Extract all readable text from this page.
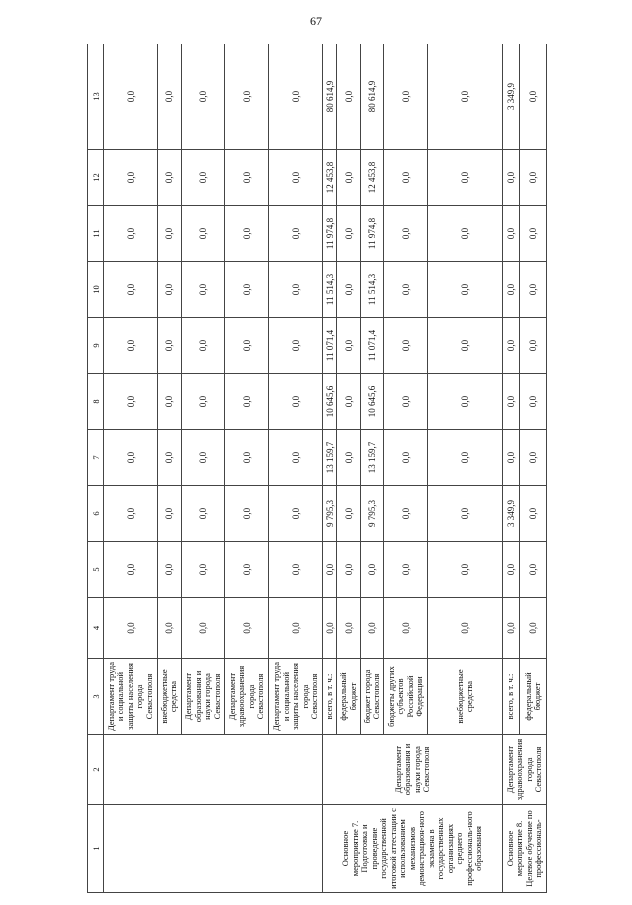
67
1	2	3	4	5	6	7	8	9	10	11	12	13
		Департамент труда и социальной защиты населения города Севастополя	0,0	0,0	0,0	0,0	0,0	0,0	0,0	0,0	0,0	0,0
		внебюджетные средства	0,0	0,0	0,0	0,0	0,0	0,0	0,0	0,0	0,0	0,0
		Департамент образования и науки города Севастополя	0,0	0,0	0,0	0,0	0,0	0,0	0,0	0,0	0,0	0,0
		Департамент здравоохранения города Севастополя	0,0	0,0	0,0	0,0	0,0	0,0	0,0	0,0	0,0	0,0
		Департамент труда и социальной защиты населения города Севастополя	0,0	0,0	0,0	0,0	0,0	0,0	0,0	0,0	0,0	0,0
Основное мероприятие 7. Подготовка и проведение государственной итоговой аттестации с использованием механизмов демонстрацион-ного экзамена в государственных организациях среднего профессиональ-ного образования	Департамент образования и науки города Севастополя	всего, в т. ч.:	0,0	0,0	9 795,3	13 159,7	10 645,6	11 071,4	11 514,3	11 974,8	12 453,8	80 614,9
		федеральный бюджет	0,0	0,0	0,0	0,0	0,0	0,0	0,0	0,0	0,0	0,0
		бюджет города Севастополя	0,0	0,0	9 795,3	13 159,7	10 645,6	11 071,4	11 514,3	11 974,8	12 453,8	80 614,9
		бюджеты других субъектов Российской Федерации	0,0	0,0	0,0	0,0	0,0	0,0	0,0	0,0	0,0	0,0
		внебюджетные средства	0,0	0,0	0,0	0,0	0,0	0,0	0,0	0,0	0,0	0,0
Основное мероприятие 8. Целевое обучение по профессиональ-	Департамент здравоохранения города Севастополя	всего, в т. ч.:	0,0	0,0	3 349,9	0,0	0,0	0,0	0,0	0,0	0,0	3 349,9
		федеральный бюджет	0,0	0,0	0,0	0,0	0,0	0,0	0,0	0,0	0,0	0,0
